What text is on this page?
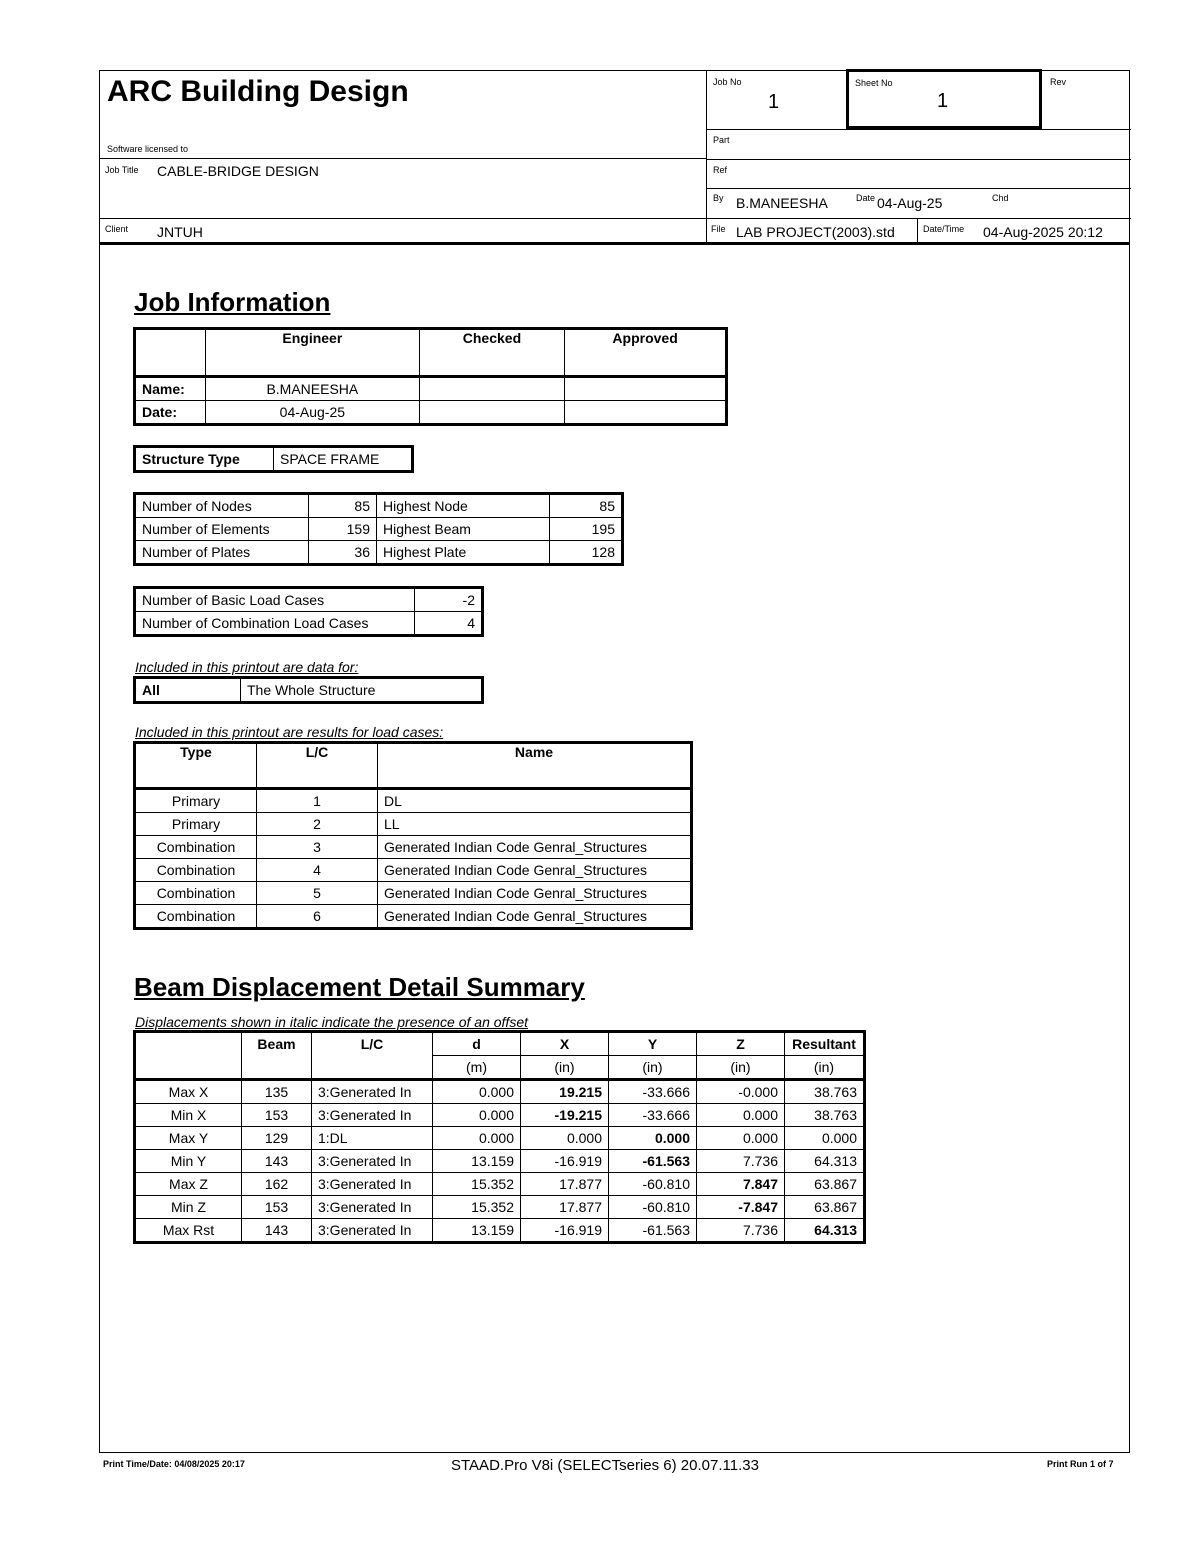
ARC Building Design
Software licensed to
Job No
1
Sheet No
1
Rev
Part
Job Title CABLE-BRIDGE DESIGN	Ref
By B.MANEESHA	Date 04-Aug-25	Chd
Client JNTUH	File LAB PROJECT(2003).std	Date/Time 04-Aug-2025 20:12
Job Information
	Engineer	Checked	Approved
Name:	B.MANEESHA		
Date:	04-Aug-25		
Structure Type	SPACE FRAME
Number of Nodes	85	Highest Node	85
Number of Elements	159	Highest Beam	195
Number of Plates	36	Highest Plate	128
Number of Basic Load Cases	-2
Number of Combination Load Cases	4
Included in this printout are data for:
All	The Whole Structure
Included in this printout are results for load cases:
Type	L/C	Name
Primary	1	DL
Primary	2	LL
Combination	3	Generated Indian Code Genral_Structures
Combination	4	Generated Indian Code Genral_Structures
Combination	5	Generated Indian Code Genral_Structures
Combination	6	Generated Indian Code Genral_Structures
Beam Displacement Detail Summary
Displacements shown in italic indicate the presence of an offset
	Beam	L/C	d	X	Y	Z	Resultant
			(m)	(in)	(in)	(in)	(in)
Max X	135	3:Generated In	0.000	19.215	-33.666	-0.000	38.763
Min X	153	3:Generated In	0.000	-19.215	-33.666	0.000	38.763
Max Y	129	1:DL	0.000	0.000	0.000	0.000	0.000
Min Y	143	3:Generated In	13.159	-16.919	-61.563	7.736	64.313
Max Z	162	3:Generated In	15.352	17.877	-60.810	7.847	63.867
Min Z	153	3:Generated In	15.352	17.877	-60.810	-7.847	63.867
Max Rst	143	3:Generated In	13.159	-16.919	-61.563	7.736	64.313
Print Time/Date: 04/08/2025 20:17	STAAD.Pro V8i (SELECTseries 6) 20.07.11.33	Print Run 1 of 7
